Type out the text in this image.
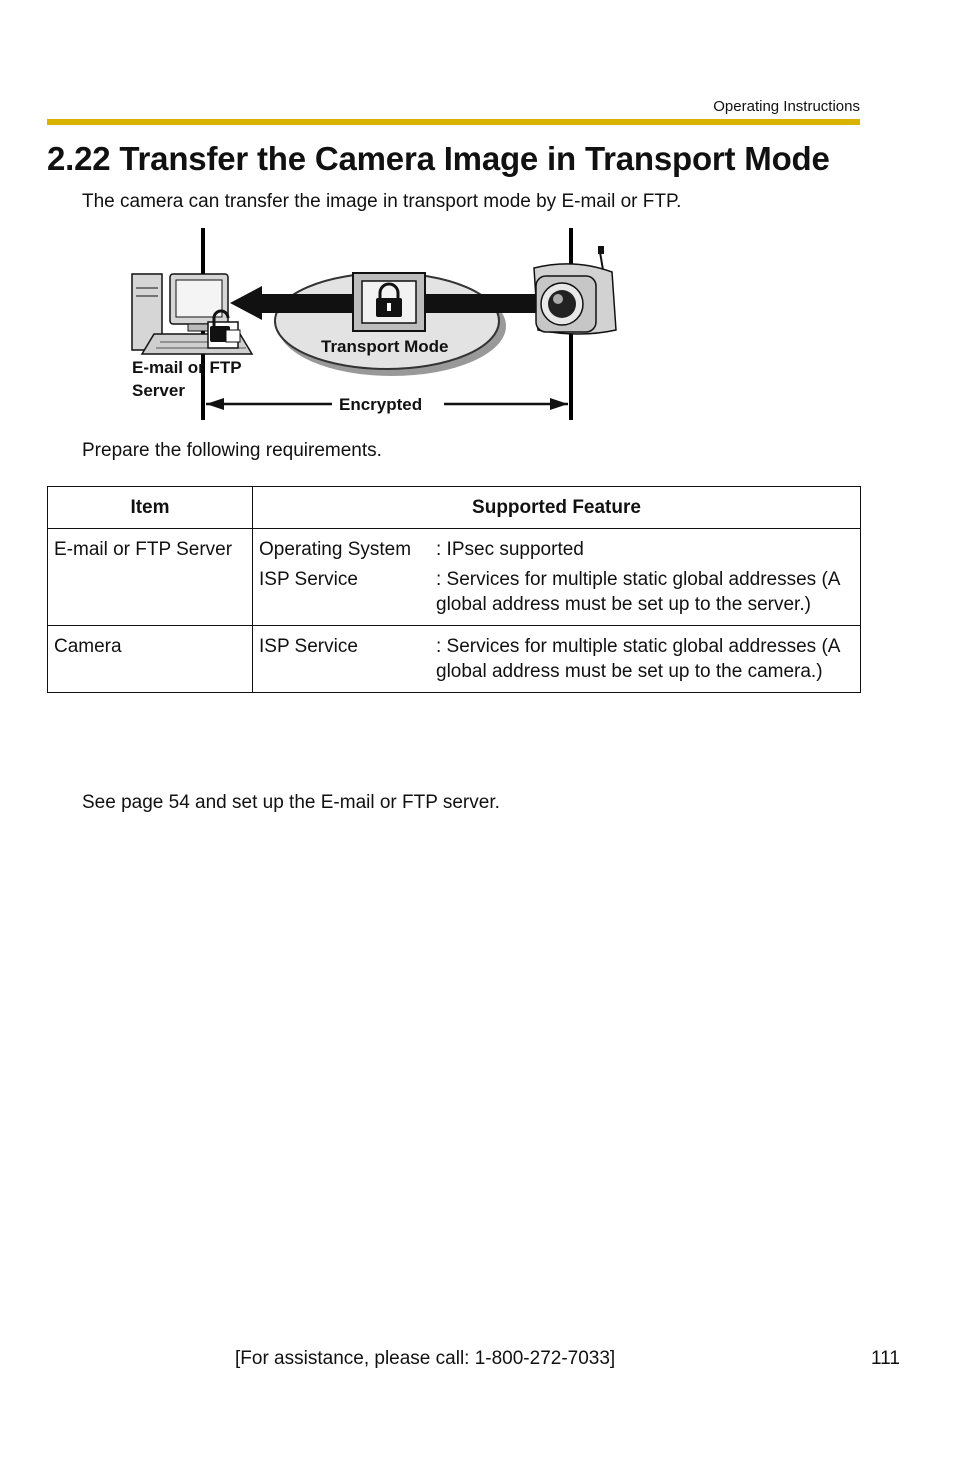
Operating Instructions
2.22 Transfer the Camera Image in Transport Mode
The camera can transfer the image in transport mode by E-mail or FTP.
Transport Mode
E-mail or FTP
Server
Encrypted
Prepare the following requirements.
Item	Supported Feature
E-mail or FTP Server	Operating System : IPsec supported
ISP Service : Services for multiple static global addresses (A global address must be set up to the server.)

Camera	ISP Service : Services for multiple static global addresses (A global address must be set up to the camera.)
See page 54 and set up the E-mail or FTP server.
[For assistance, please call: 1-800-272-7033]	111
